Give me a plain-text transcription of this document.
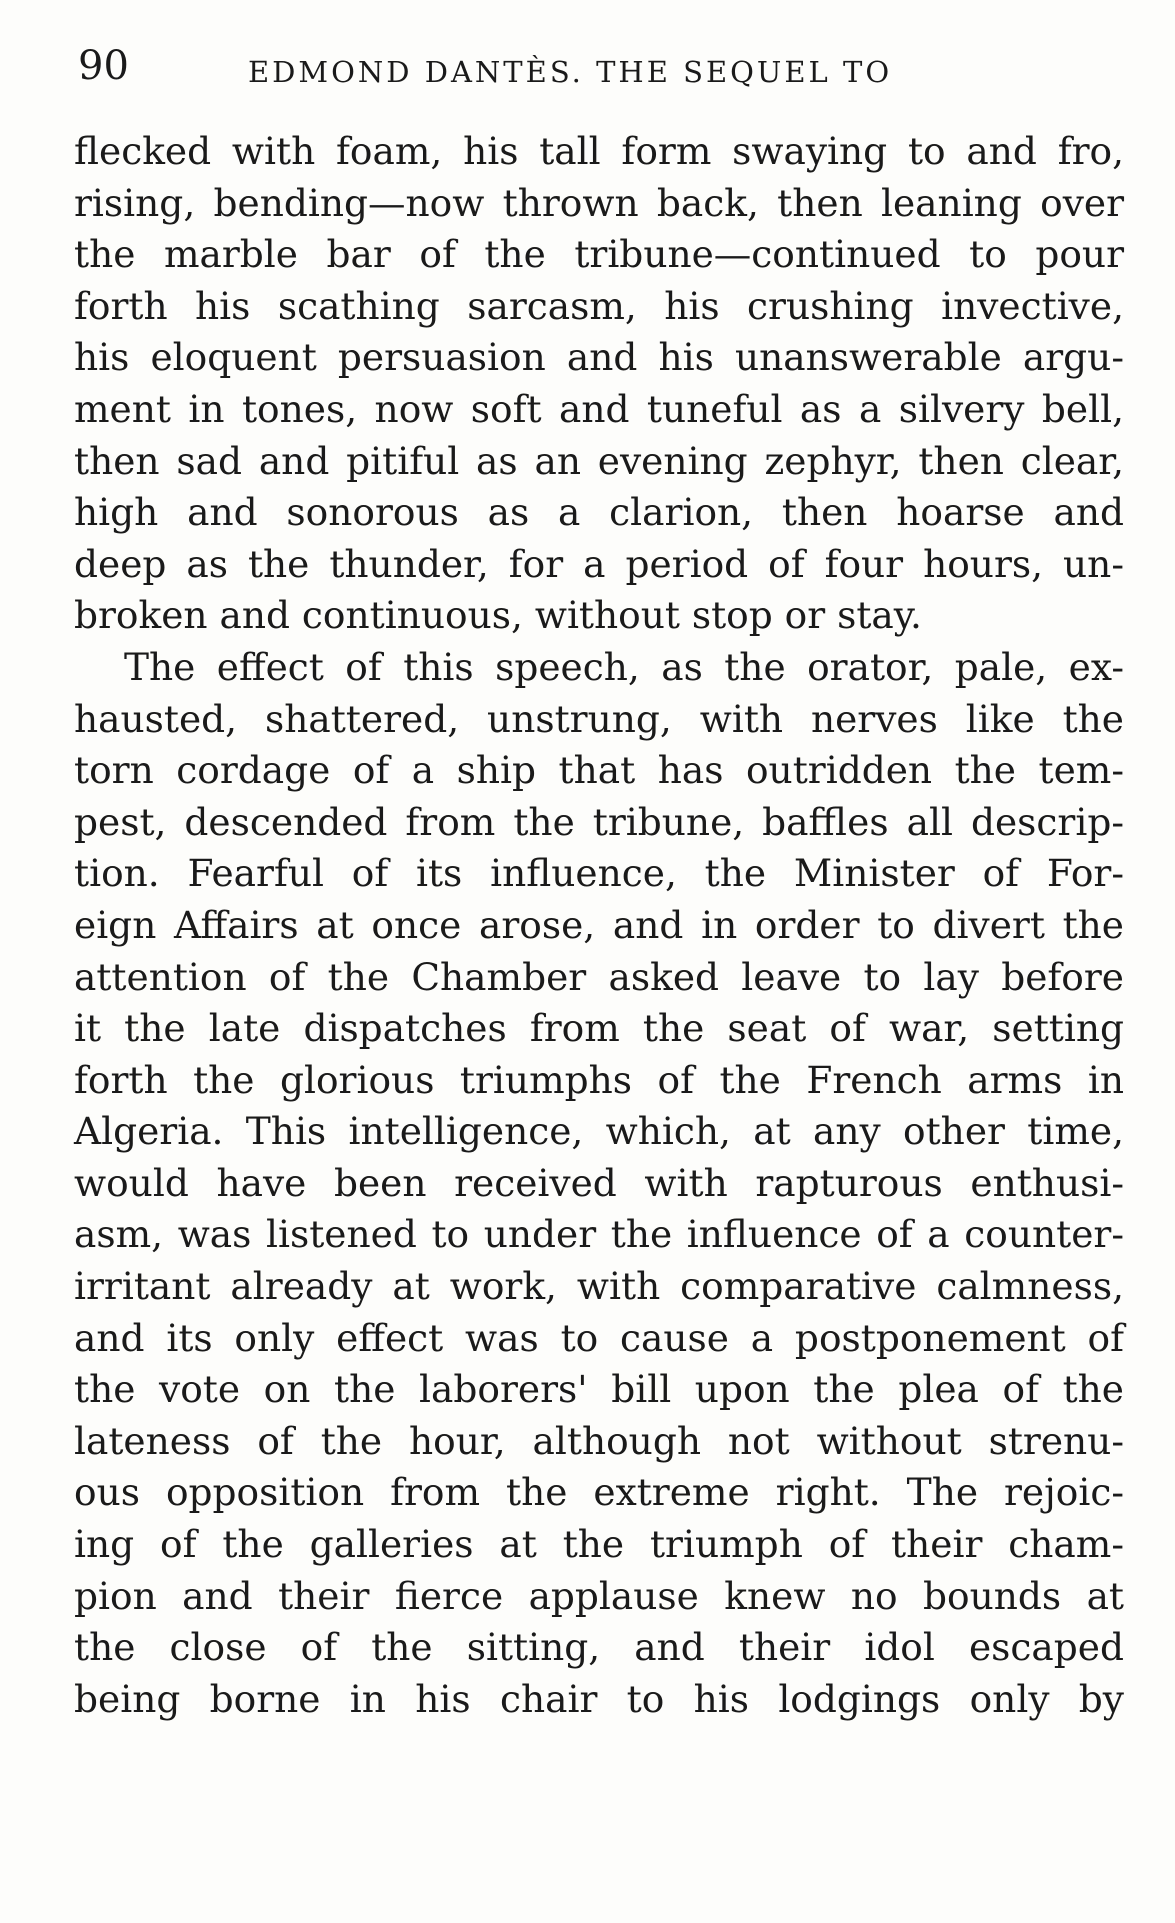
90	EDMOND DANTÈS. THE SEQUEL TO
flecked with foam, his tall form swaying to and fro,
rising, bending—now thrown back, then leaning over
the marble bar of the tribune—continued to pour
forth his scathing sarcasm, his crushing invective,
his eloquent persuasion and his unanswerable argu-
ment in tones, now soft and tuneful as a silvery bell,
then sad and pitiful as an evening zephyr, then clear,
high and sonorous as a clarion, then hoarse and
deep as the thunder, for a period of four hours, un-
broken and continuous, without stop or stay.
The effect of this speech, as the orator, pale, ex-
hausted, shattered, unstrung, with nerves like the
torn cordage of a ship that has outridden the tem-
pest, descended from the tribune, baffles all descrip-
tion. Fearful of its influence, the Minister of For-
eign Affairs at once arose, and in order to divert the
attention of the Chamber asked leave to lay before
it the late dispatches from the seat of war, setting
forth the glorious triumphs of the French arms in
Algeria. This intelligence, which, at any other time,
would have been received with rapturous enthusi-
asm, was listened to under the influence of a counter-
irritant already at work, with comparative calmness,
and its only effect was to cause a postponement of
the vote on the laborers' bill upon the plea of the
lateness of the hour, although not without strenu-
ous opposition from the extreme right. The rejoic-
ing of the galleries at the triumph of their cham-
pion and their fierce applause knew no bounds at
the close of the sitting, and their idol escaped
being borne in his chair to his lodgings only by
